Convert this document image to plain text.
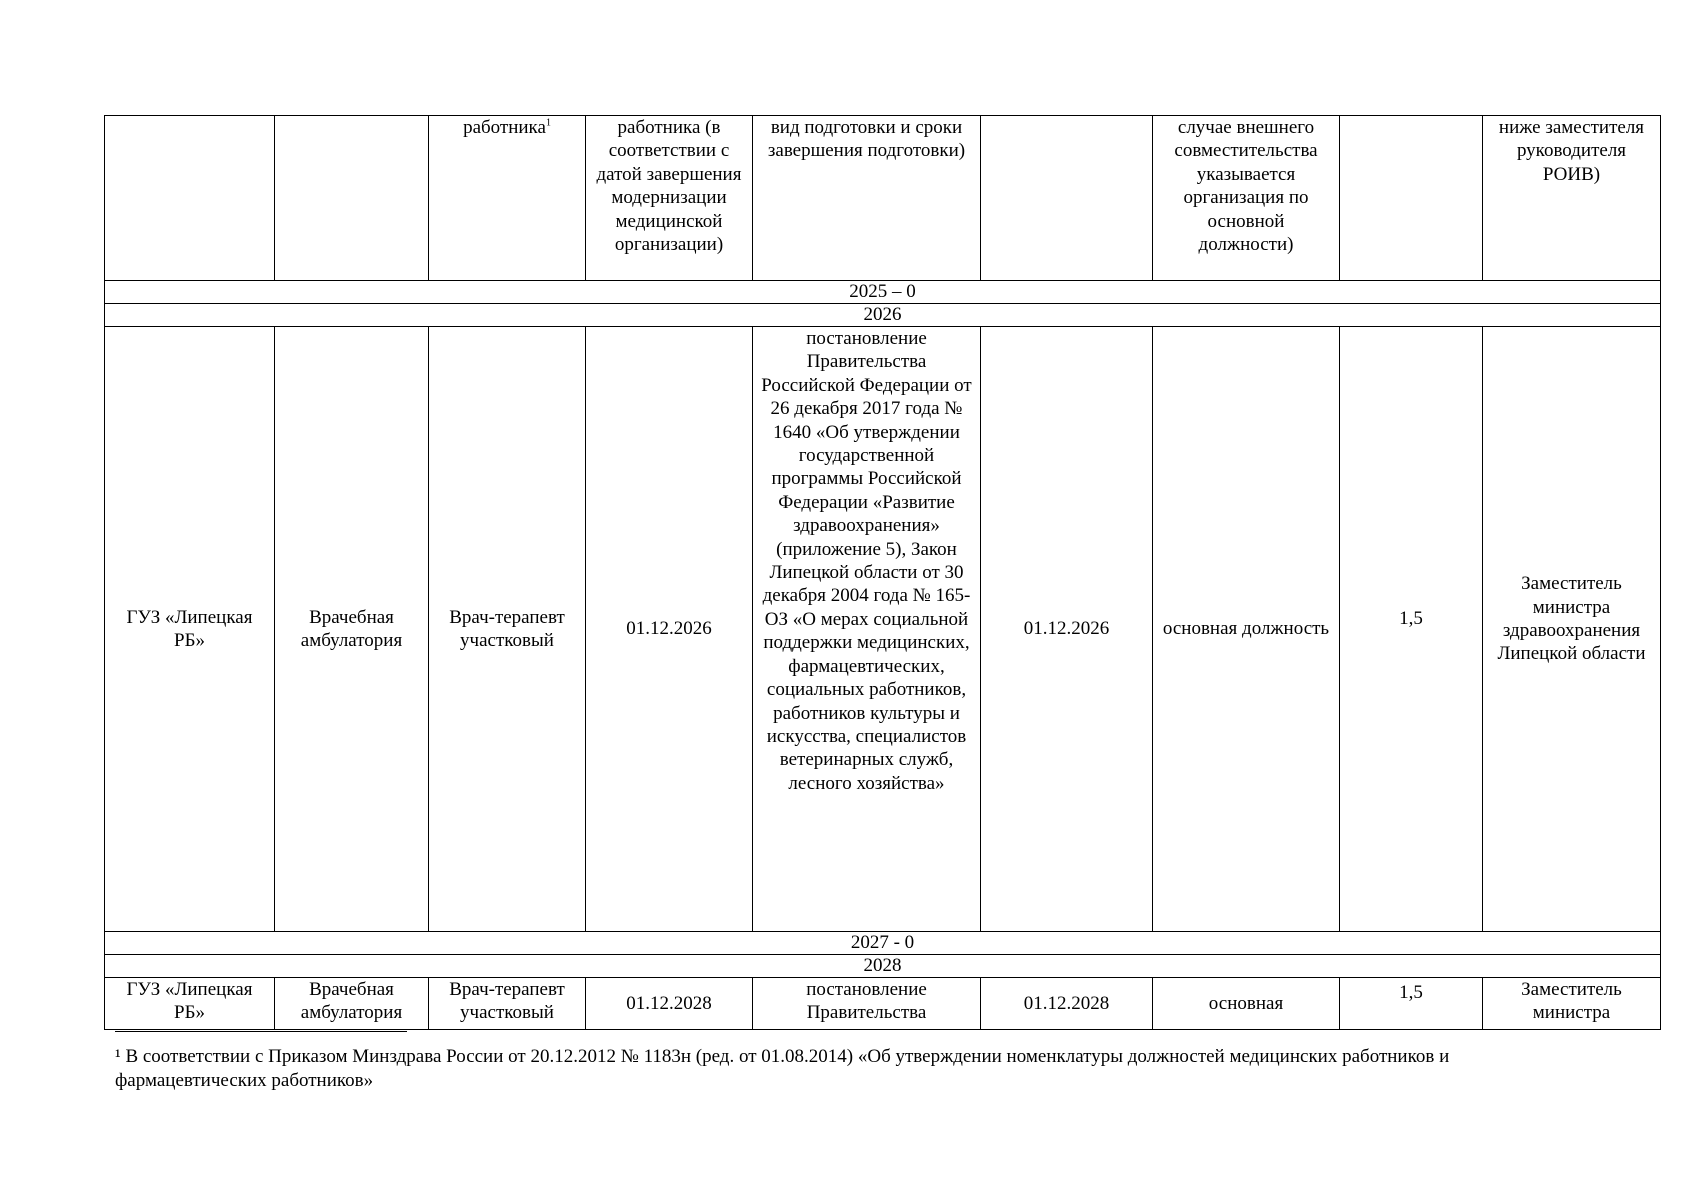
		работника$^1$	работника (в соответствии с датой завершения модернизации медицинской организации)	вид подготовки и сроки завершения подготовки)		случае внешнего совместительства указывается организация по основной должности)		ниже заместителя руководителя РОИВ)
2025 – 0								
2026								
ГУЗ «Липецкая РБ»	Врачебная амбулатория	Врач-терапевт участковый	01.12.2026	постановление Правительства Российской Федерации от 26 декабря 2017 года № 1640 «Об утверждении государственной программы Российской Федерации «Развитие здравоохранения» (приложение 5), Закон Липецкой области от 30 декабря 2004 года № 165-ОЗ «О мерах социальной поддержки медицинских, фармацевтических, социальных работников, работников культуры и искусства, специалистов ветеринарных служб, лесного хозяйства»	01.12.2026	основная должность	1,5	Заместитель министра здравоохранения Липецкой области
2027 - 0								
2028								
ГУЗ «Липецкая РБ»	Врачебная амбулатория	Врач-терапевт участковый	01.12.2028	постановление Правительства	01.12.2028	основная	1,5	Заместитель министра
¹ В соответствии с Приказом Минздрава России от 20.12.2012 № 1183н (ред. от 01.08.2014) «Об утверждении номенклатуры должностей медицинских работников и фармацевтических работников»
